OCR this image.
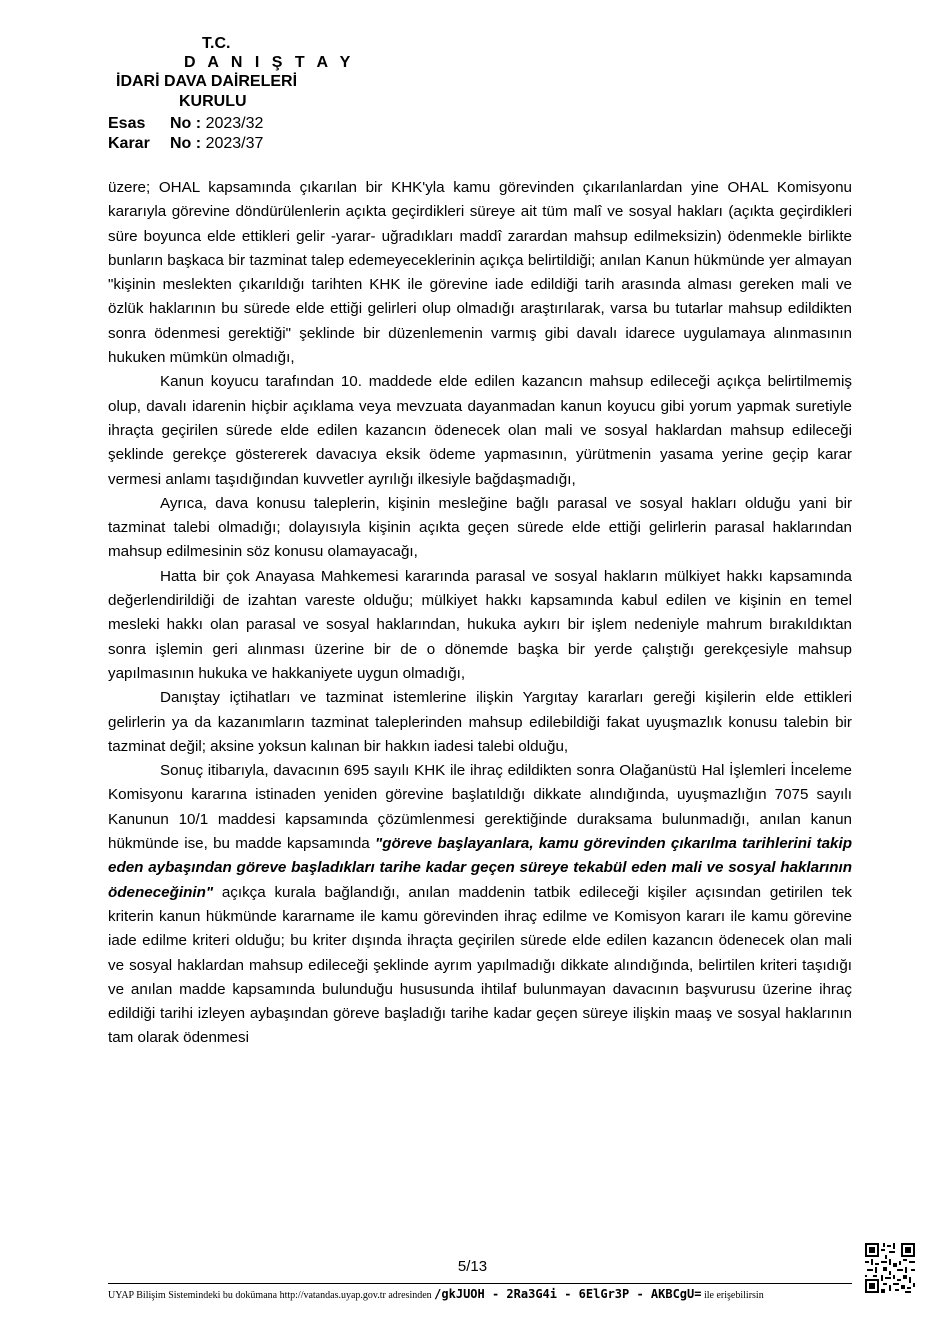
T.C.
D A N I Ş T A Y
İDARİ DAVA DAİRELERİ
KURULU
Esas No : 2023/32
Karar No : 2023/37

üzere; OHAL kapsamında çıkarılan bir KHK'yla kamu görevinden çıkarılanlardan yine OHAL Komisyonu kararıyla görevine döndürülenlerin açıkta geçirdikleri süreye ait tüm malî ve sosyal hakları (açıkta geçirdikleri süre boyunca elde ettikleri gelir -yarar- uğradıkları maddî zarardan mahsup edilmeksizin) ödenmekle birlikte bunların başkaca bir tazminat talep edemeyeceklerinin açıkça belirtildiği; anılan Kanun hükmünde yer almayan "kişinin meslekten çıkarıldığı tarihten KHK ile görevine iade edildiği tarih arasında alması gereken mali ve özlük haklarının bu sürede elde ettiği gelirleri olup olmadığı araştırılarak, varsa bu tutarlar mahsup edildikten sonra ödenmesi gerektiği" şeklinde bir düzenlemenin varmış gibi davalı idarece uygulamaya alınmasının hukuken mümkün olmadığı,

Kanun koyucu tarafından 10. maddede elde edilen kazancın mahsup edileceği açıkça belirtilmemiş olup, davalı idarenin hiçbir açıklama veya mevzuata dayanmadan kanun koyucu gibi yorum yapmak suretiyle ihraçta geçirilen sürede elde edilen kazancın ödenecek olan mali ve sosyal haklardan mahsup edileceği şeklinde gerekçe göstererek davacıya eksik ödeme yapmasının, yürütmenin yasama yerine geçip karar vermesi anlamı taşıdığından kuvvetler ayrılığı ilkesiyle bağdaşmadığı,

Ayrıca, dava konusu taleplerin, kişinin mesleğine bağlı parasal ve sosyal hakları olduğu yani bir tazminat talebi olmadığı; dolayısıyla kişinin açıkta geçen sürede elde ettiği gelirlerin parasal haklarından mahsup edilmesinin söz konusu olamayacağı,

Hatta bir çok Anayasa Mahkemesi kararında parasal ve sosyal hakların mülkiyet hakkı kapsamında değerlendirildiği de izahtan vareste olduğu; mülkiyet hakkı kapsamında kabul edilen ve kişinin en temel mesleki hakkı olan parasal ve sosyal haklarından, hukuka aykırı bir işlem nedeniyle mahrum bırakıldıktan sonra işlemin geri alınması üzerine bir de o dönemde başka bir yerde çalıştığı gerekçesiyle mahsup yapılmasının hukuka ve hakkaniyete uygun olmadığı,

Danıştay içtihatları ve tazminat istemlerine ilişkin Yargıtay kararları gereği kişilerin elde ettikleri gelirlerin ya da kazanımların tazminat taleplerinden mahsup edilebildiği fakat uyuşmazlık konusu talebin bir tazminat değil; aksine yoksun kalınan bir hakkın iadesi talebi olduğu,

Sonuç itibarıyla, davacının 695 sayılı KHK ile ihraç edildikten sonra Olağanüstü Hal İşlemleri İnceleme Komisyonu kararına istinaden yeniden görevine başlatıldığı dikkate alındığında, uyuşmazlığın 7075 sayılı Kanunun 10/1 maddesi kapsamında çözümlenmesi gerektiğinde duraksama bulunmadığı, anılan kanun hükmünde ise, bu madde kapsamında "göreve başlayanlara, kamu görevinden çıkarılma tarihlerini takip eden aybaşından göreve başladıkları tarihe kadar geçen süreye tekabül eden mali ve sosyal haklarının ödeneceğinin" açıkça kurala bağlandığı, anılan maddenin tatbik edileceği kişiler açısından getirilen tek kriterin kanun hükmünde kararname ile kamu görevinden ihraç edilme ve Komisyon kararı ile kamu görevine iade edilme kriteri olduğu; bu kriter dışında ihraçta geçirilen sürede elde edilen kazancın ödenecek olan mali ve sosyal haklardan mahsup edileceği şeklinde ayrım yapılmadığı dikkate alındığında, belirtilen kriteri taşıdığı ve anılan madde kapsamında bulunduğu hususunda ihtilaf bulunmayan davacının başvurusu üzerine ihraç edildiği tarihi izleyen aybaşından göreve başladığı tarihe kadar geçen süreye ilişkin maaş ve sosyal haklarının tam olarak ödenmesi

5/13
UYAP Bilişim Sistemindeki bu dokümana http://vatandas.uyap.gov.tr adresinden /gkJUOH - 2Ra3G4i - 6ElGr3P - AKBCgU= ile erişebilirsin
